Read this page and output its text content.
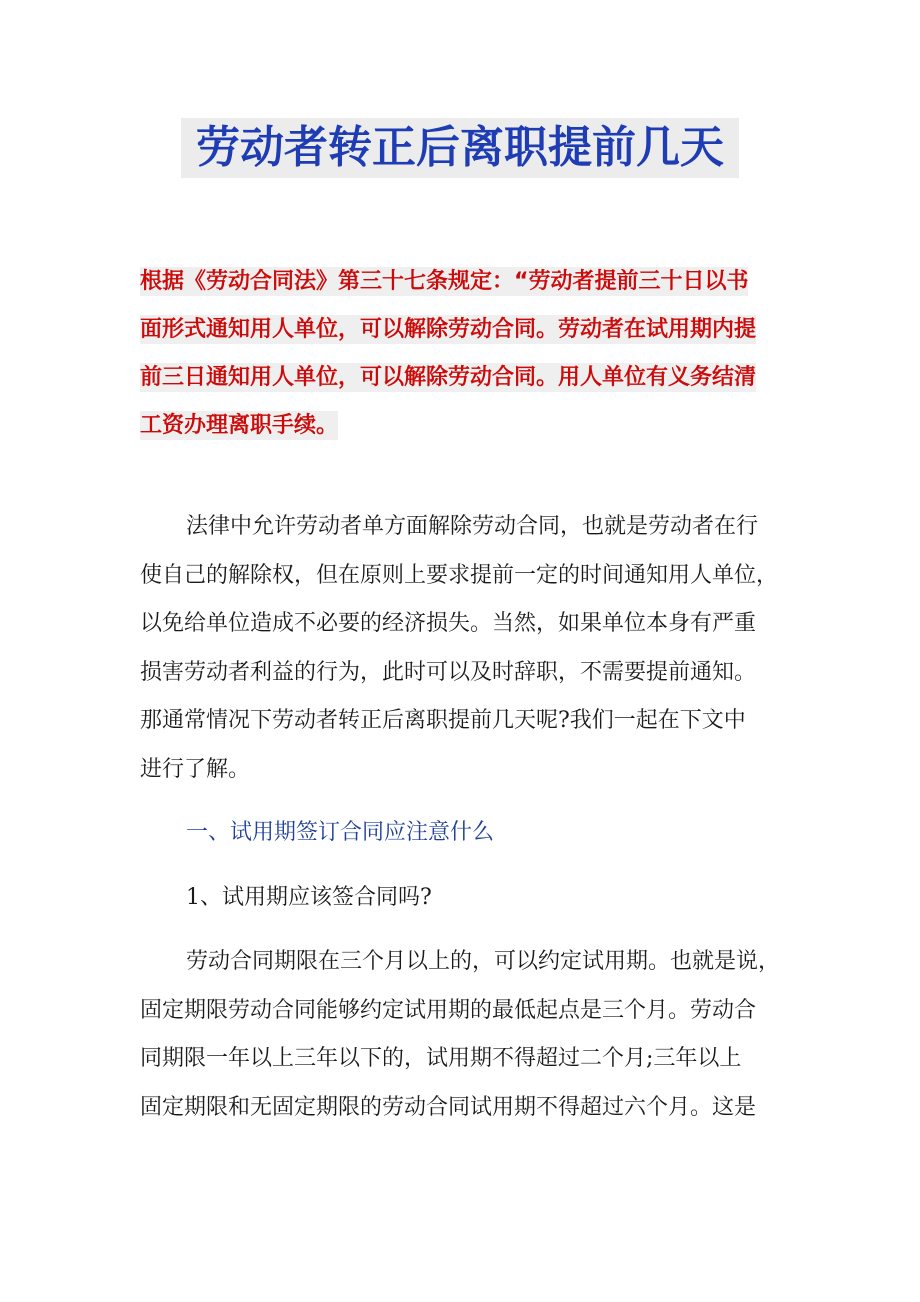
劳动者转正后离职提前几天
根据《劳动合同法》第三十七条规定：“劳动者提前三十日以书
面形式通知用人单位，可以解除劳动合同。劳动者在试用期内提
前三日通知用人单位，可以解除劳动合同。用人单位有义务结清
工资办理离职手续。
法律中允许劳动者单方面解除劳动合同，也就是劳动者在行
使自己的解除权，但在原则上要求提前一定的时间通知用人单位，
以免给单位造成不必要的经济损失。当然，如果单位本身有严重
损害劳动者利益的行为，此时可以及时辞职，不需要提前通知。
那通常情况下劳动者转正后离职提前几天呢?我们一起在下文中
进行了解。
一、试用期签订合同应注意什么
1、试用期应该签合同吗?
劳动合同期限在三个月以上的，可以约定试用期。也就是说，
固定期限劳动合同能够约定试用期的最低起点是三个月。劳动合
同期限一年以上三年以下的，试用期不得超过二个月;三年以上
固定期限和无固定期限的劳动合同试用期不得超过六个月。这是
